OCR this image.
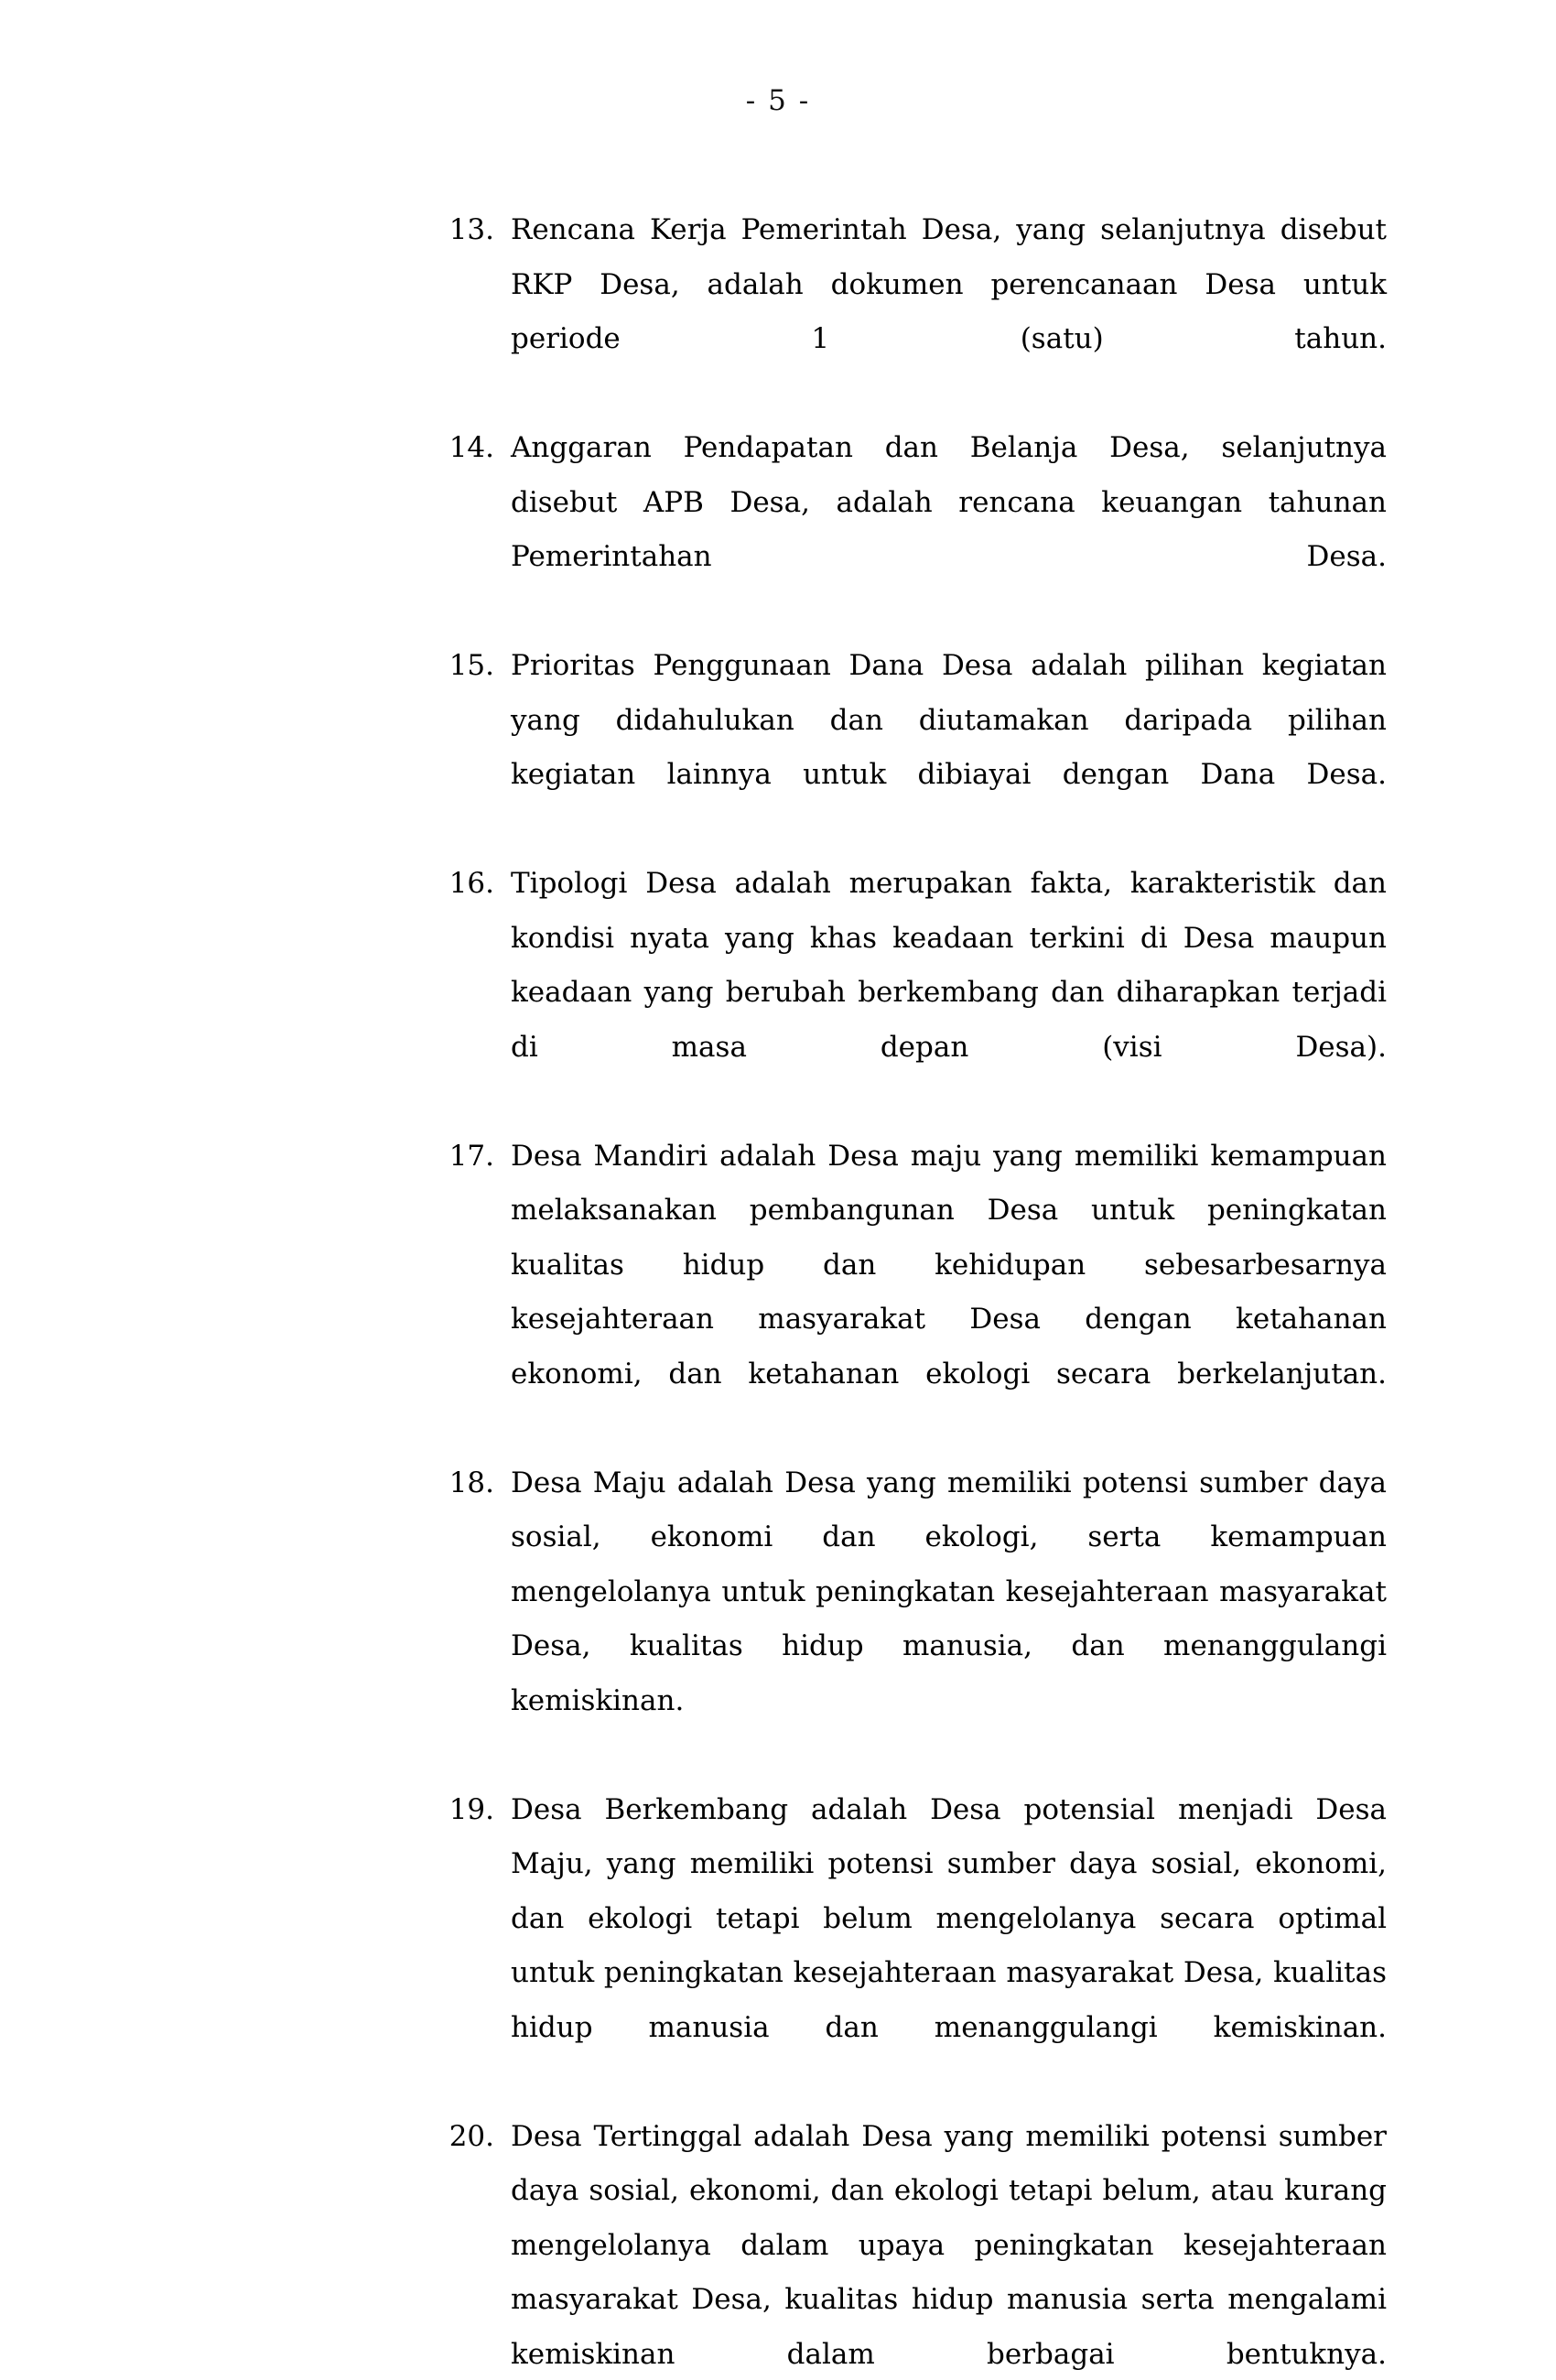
- 5 -
13. Rencana Kerja Pemerintah Desa, yang selanjutnya disebut RKP Desa, adalah dokumen perencanaan Desa untuk periode 1 (satu) tahun.
14. Anggaran Pendapatan dan Belanja Desa, selanjutnya disebut APB Desa, adalah rencana keuangan tahunan Pemerintahan Desa.
15. Prioritas Penggunaan Dana Desa adalah pilihan kegiatan yang didahulukan dan diutamakan daripada pilihan kegiatan lainnya untuk dibiayai dengan Dana Desa.
16. Tipologi Desa adalah merupakan fakta, karakteristik dan kondisi nyata yang khas keadaan terkini di Desa maupun keadaan yang berubah berkembang dan diharapkan terjadi di masa depan (visi Desa).
17. Desa Mandiri adalah Desa maju yang memiliki kemampuan melaksanakan pembangunan Desa untuk peningkatan kualitas hidup dan kehidupan sebesarbesarnya kesejahteraan masyarakat Desa dengan ketahanan ekonomi, dan ketahanan ekologi secara berkelanjutan.
18. Desa Maju adalah Desa yang memiliki potensi sumber daya sosial, ekonomi dan ekologi, serta kemampuan mengelolanya untuk peningkatan kesejahteraan masyarakat Desa, kualitas hidup manusia, dan menanggulangi kemiskinan.
19. Desa Berkembang adalah Desa potensial menjadi Desa Maju, yang memiliki potensi sumber daya sosial, ekonomi, dan ekologi tetapi belum mengelolanya secara optimal untuk peningkatan kesejahteraan masyarakat Desa, kualitas hidup manusia dan menanggulangi kemiskinan.
20. Desa Tertinggal adalah Desa yang memiliki potensi sumber daya sosial, ekonomi, dan ekologi tetapi belum, atau kurang mengelolanya dalam upaya peningkatan kesejahteraan masyarakat Desa, kualitas hidup manusia serta mengalami kemiskinan dalam berbagai bentuknya.
